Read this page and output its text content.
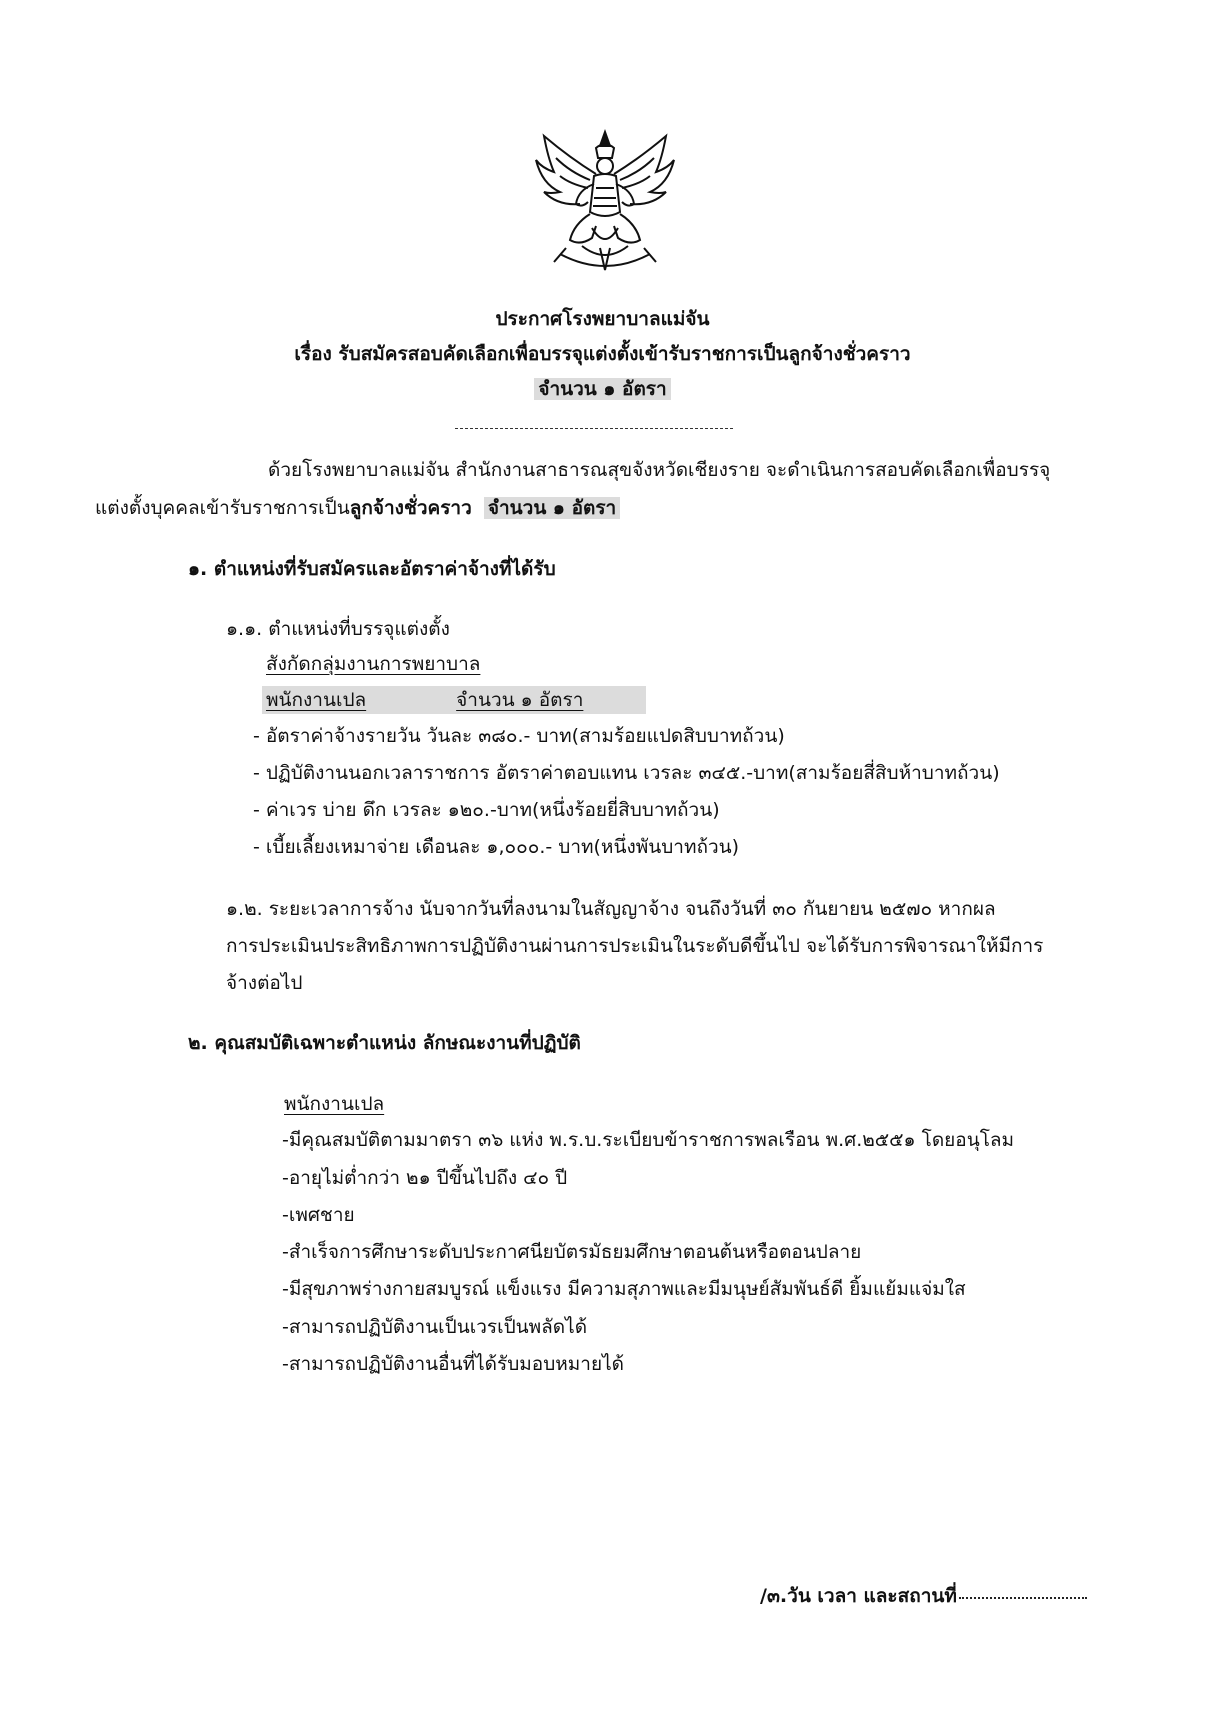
ประกาศโรงพยาบาลแม่จัน
เรื่อง รับสมัครสอบคัดเลือกเพื่อบรรจุแต่งตั้งเข้ารับราชการเป็นลูกจ้างชั่วคราว
จำนวน ๑ อัตรา
ด้วยโรงพยาบาลแม่จัน สำนักงานสาธารณสุขจังหวัดเชียงราย จะดำเนินการสอบคัดเลือกเพื่อบรรจุ
แต่งตั้งบุคคลเข้ารับราชการเป็นลูกจ้างชั่วคราว จำนวน ๑ อัตรา
๑. ตำแหน่งที่รับสมัครและอัตราค่าจ้างที่ได้รับ
๑.๑. ตำแหน่งที่บรรจุแต่งตั้ง
สังกัดกลุ่มงานการพยาบาล
พนักงานเปล	จำนวน ๑ อัตรา
- อัตราค่าจ้างรายวัน วันละ ๓๘๐.- บาท(สามร้อยแปดสิบบาทถ้วน)
- ปฏิบัติงานนอกเวลาราชการ อัตราค่าตอบแทน เวรละ ๓๔๕.-บาท(สามร้อยสี่สิบห้าบาทถ้วน)
- ค่าเวร บ่าย ดึก เวรละ ๑๒๐.-บาท(หนึ่งร้อยยี่สิบบาทถ้วน)
- เบี้ยเลี้ยงเหมาจ่าย เดือนละ ๑,๐๐๐.- บาท(หนึ่งพันบาทถ้วน)
๑.๒. ระยะเวลาการจ้าง นับจากวันที่ลงนามในสัญญาจ้าง จนถึงวันที่ ๓๐ กันยายน ๒๕๗๐ หากผล
การประเมินประสิทธิภาพการปฏิบัติงานผ่านการประเมินในระดับดีขึ้นไป จะได้รับการพิจารณาให้มีการ
จ้างต่อไป
๒. คุณสมบัติเฉพาะตำแหน่ง ลักษณะงานที่ปฏิบัติ
พนักงานเปล
-มีคุณสมบัติตามมาตรา ๓๖ แห่ง พ.ร.บ.ระเบียบข้าราชการพลเรือน พ.ศ.๒๕๕๑ โดยอนุโลม
-อายุไม่ต่ำกว่า ๒๑ ปีขึ้นไปถึง ๔๐ ปี
-เพศชาย
-สำเร็จการศึกษาระดับประกาศนียบัตรมัธยมศึกษาตอนต้นหรือตอนปลาย
-มีสุขภาพร่างกายสมบูรณ์ แข็งแรง มีความสุภาพและมีมนุษย์สัมพันธ์ดี ยิ้มแย้มแจ่มใส
-สามารถปฏิบัติงานเป็นเวรเป็นพลัดได้
-สามารถปฏิบัติงานอื่นที่ได้รับมอบหมายได้
/๓.วัน เวลา และสถานที่
